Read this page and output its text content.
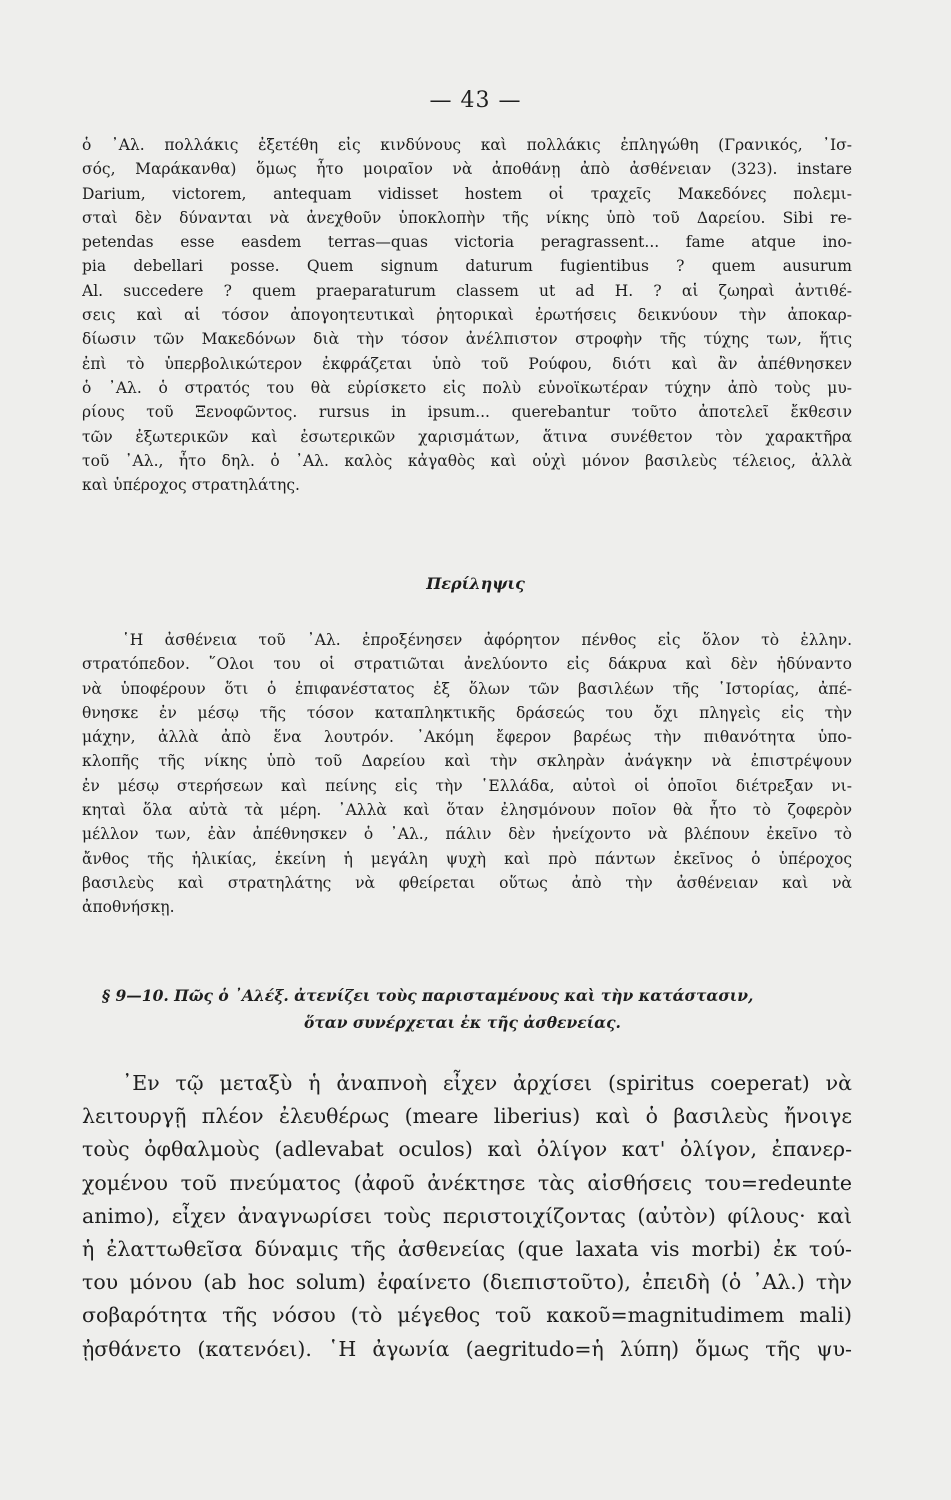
— 43 —
ὁ ᾿Αλ. πολλάκις ἐξετέθη εἰς κινδύνους καὶ πολλάκις ἐπληγώθη (Γρανικός, ᾿Ισ-
σός, Μαράκανθα) ὅμως ἦτο μοιραῖον νὰ ἀποθάνῃ ἀπὸ ἀσθένειαν (323). instare
Darium, victorem, antequam vidisset hostem οἱ τραχεῖς Μακεδόνες πολεμι-
σταὶ δὲν δύνανται νὰ ἀνεχθοῦν ὑποκλοπὴν τῆς νίκης ὑπὸ τοῦ Δαρείου. Sibi re-
petendas esse easdem terras—quas victoria peragrassent... fame atque ino-
pia debellari posse. Quem signum daturum fugientibus ? quem ausurum
Al. succedere ? quem praeparaturum classem ut ad H. ? αἱ ζωηραὶ ἀντιθέ-
σεις καὶ αἱ τόσον ἀπογοητευτικαὶ ῥητορικαὶ ἐρωτήσεις δεικνύουν τὴν ἀποκαρ-
δίωσιν τῶν Μακεδόνων διὰ τὴν τόσον ἀνέλπιστον στροφὴν τῆς τύχης των, ἥτις
ἐπὶ τὸ ὑπερβολικώτερον ἐκφράζεται ὑπὸ τοῦ Ρούφου, διότι καὶ ἂν ἀπέθνησκεν
ὁ ᾿Αλ. ὁ στρατός του θὰ εὑρίσκετο εἰς πολὺ εὐνοϊκωτέραν τύχην ἀπὸ τοὺς μυ-
ρίους τοῦ Ξενοφῶντος. rursus in ipsum... querebantur τοῦτο ἀποτελεῖ ἔκθεσιν
τῶν ἐξωτερικῶν καὶ ἐσωτερικῶν χαρισμάτων, ἅτινα συνέθετον τὸν χαρακτῆρα
τοῦ ᾿Αλ., ἦτο δηλ. ὁ ᾿Αλ. καλὸς κἀγαθὸς καὶ οὐχὶ μόνον βασιλεὺς τέλειος, ἀλλὰ
καὶ ὑπέροχος στρατηλάτης.
Περίληψις
῾Η ἀσθένεια τοῦ ᾿Αλ. ἐπροξένησεν ἀφόρητον πένθος εἰς ὅλον τὸ ἑλλην.
στρατόπεδον. ῞Ολοι του οἱ στρατιῶται ἀνελύοντο εἰς δάκρυα καὶ δὲν ἠδύναντο
νὰ ὑποφέρουν ὅτι ὁ ἐπιφανέστατος ἐξ ὅλων τῶν βασιλέων τῆς ῾Ιστορίας, ἀπέ-
θνησκε ἐν μέσῳ τῆς τόσον καταπληκτικῆς δράσεώς του ὄχι πληγεὶς εἰς τὴν
μάχην, ἀλλὰ ἀπὸ ἕνα λουτρόν. ᾿Ακόμη ἔφερον βαρέως τὴν πιθανότητα ὑπο-
κλοπῆς τῆς νίκης ὑπὸ τοῦ Δαρείου καὶ τὴν σκληρὰν ἀνάγκην νὰ ἐπιστρέψουν
ἐν μέσῳ στερήσεων καὶ πείνης εἰς τὴν ῾Ελλάδα, αὐτοὶ οἱ ὁποῖοι διέτρεξαν νι-
κηταὶ ὅλα αὐτὰ τὰ μέρη. ᾿Αλλὰ καὶ ὅταν ἐλησμόνουν ποῖον θὰ ἦτο τὸ ζοφερὸν
μέλλον των, ἐὰν ἀπέθνησκεν ὁ ᾿Αλ., πάλιν δὲν ἠνείχοντο νὰ βλέπουν ἐκεῖνο τὸ
ἄνθος τῆς ἡλικίας, ἐκείνη ἡ μεγάλη ψυχὴ καὶ πρὸ πάντων ἐκεῖνος ὁ ὑπέροχος
βασιλεὺς καὶ στρατηλάτης νὰ φθείρεται οὕτως ἀπὸ τὴν ἀσθένειαν καὶ νὰ
ἀποθνήσκῃ.
§ 9—10. Πῶς ὁ ᾿Αλέξ. ἀτενίζει τοὺς παρισταμένους καὶ τὴν κατάστασιν,
ὅταν συνέρχεται ἐκ τῆς ἀσθενείας.
᾿Εν τῷ μεταξὺ ἡ ἀναπνοὴ εἶχεν ἀρχίσει (spiritus coeperat) νὰ
λειτουργῇ πλέον ἐλευθέρως (meare liberius) καὶ ὁ βασιλεὺς ἤνοιγε
τοὺς ὀφθαλμοὺς (adlevabat oculos) καὶ ὀλίγον κατ' ὀλίγον, ἐπανερ-
χομένου τοῦ πνεύματος (ἀφοῦ ἀνέκτησε τὰς αἰσθήσεις του=redeunte
animo), εἶχεν ἀναγνωρίσει τοὺς περιστοιχίζοντας (αὐτὸν) φίλους· καὶ
ἡ ἐλαττωθεῖσα δύναμις τῆς ἀσθενείας (que laxata vis morbi) ἐκ τού-
του μόνου (ab hoc solum) ἐφαίνετο (διεπιστοῦτο), ἐπειδὴ (ὁ ᾿Αλ.) τὴν
σοβαρότητα τῆς νόσου (τὸ μέγεθος τοῦ κακοῦ=magnitudimem mali)
ᾐσθάνετο (κατενόει). ῾Η ἀγωνία (aegritudo=ἡ λύπη) ὅμως τῆς ψυ-
